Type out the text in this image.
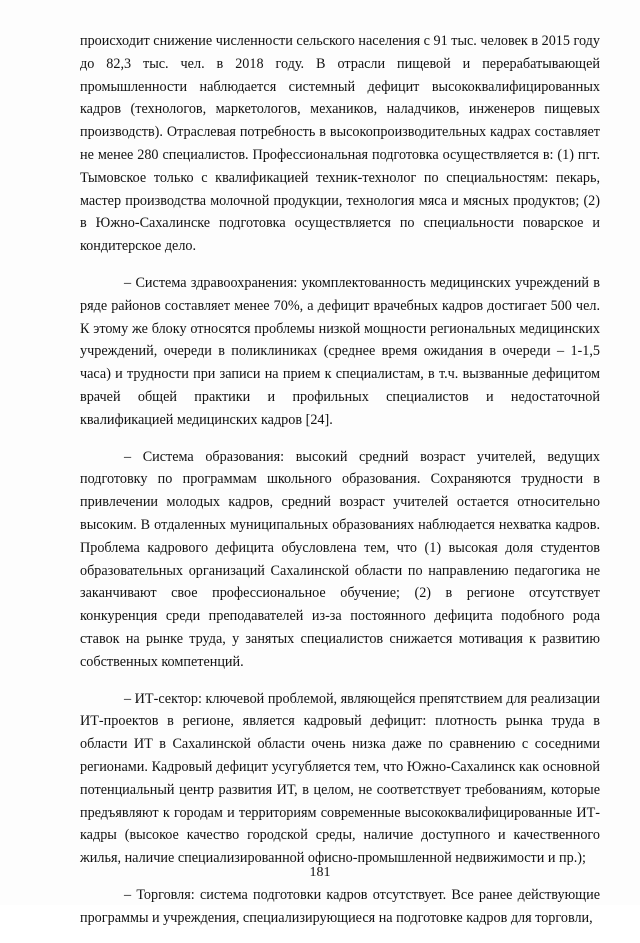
происходит снижение численности сельского населения с 91 тыс. человек в 2015 году до 82,3 тыс. чел. в 2018 году. В отрасли пищевой и перерабатывающей промышленности наблюдается системный дефицит высококвалифицированных кадров (технологов, маркетологов, механиков, наладчиков, инженеров пищевых производств). Отраслевая потребность в высокопроизводительных кадрах составляет не менее 280 специалистов. Профессиональная подготовка осуществляется в: (1) пгт. Тымовское только с квалификацией техник-технолог по специальностям: пекарь, мастер производства молочной продукции, технология мяса и мясных продуктов; (2) в Южно-Сахалинске подготовка осуществляется по специальности поварское и кондитерское дело.

– Система здравоохранения: укомплектованность медицинских учреждений в ряде районов составляет менее 70%, а дефицит врачебных кадров достигает 500 чел. К этому же блоку относятся проблемы низкой мощности региональных медицинских учреждений, очереди в поликлиниках (среднее время ожидания в очереди – 1-1,5 часа) и трудности при записи на прием к специалистам, в т.ч. вызванные дефицитом врачей общей практики и профильных специалистов и недостаточной квалификацией медицинских кадров [24].

– Система образования: высокий средний возраст учителей, ведущих подготовку по программам школьного образования. Сохраняются трудности в привлечении молодых кадров, средний возраст учителей остается относительно высоким. В отдаленных муниципальных образованиях наблюдается нехватка кадров. Проблема кадрового дефицита обусловлена тем, что (1) высокая доля студентов образовательных организаций Сахалинской области по направлению педагогика не заканчивают свое профессиональное обучение; (2) в регионе отсутствует конкуренция среди преподавателей из-за постоянного дефицита подобного рода ставок на рынке труда, у занятых специалистов снижается мотивация к развитию собственных компетенций.

– ИТ-сектор: ключевой проблемой, являющейся препятствием для реализации ИТ-проектов в регионе, является кадровый дефицит: плотность рынка труда в области ИТ в Сахалинской области очень низка даже по сравнению с соседними регионами. Кадровый дефицит усугубляется тем, что Южно-Сахалинск как основной потенциальный центр развития ИТ, в целом, не соответствует требованиям, которые предъявляют к городам и территориям современные высококвалифицированные ИТ-кадры (высокое качество городской среды, наличие доступного и качественного жилья, наличие специализированной офисно-промышленной недвижимости и пр.);

– Торговля: система подготовки кадров отсутствует. Все ранее действующие программы и учреждения, специализирующиеся на подготовке кадров для торговли,

181
